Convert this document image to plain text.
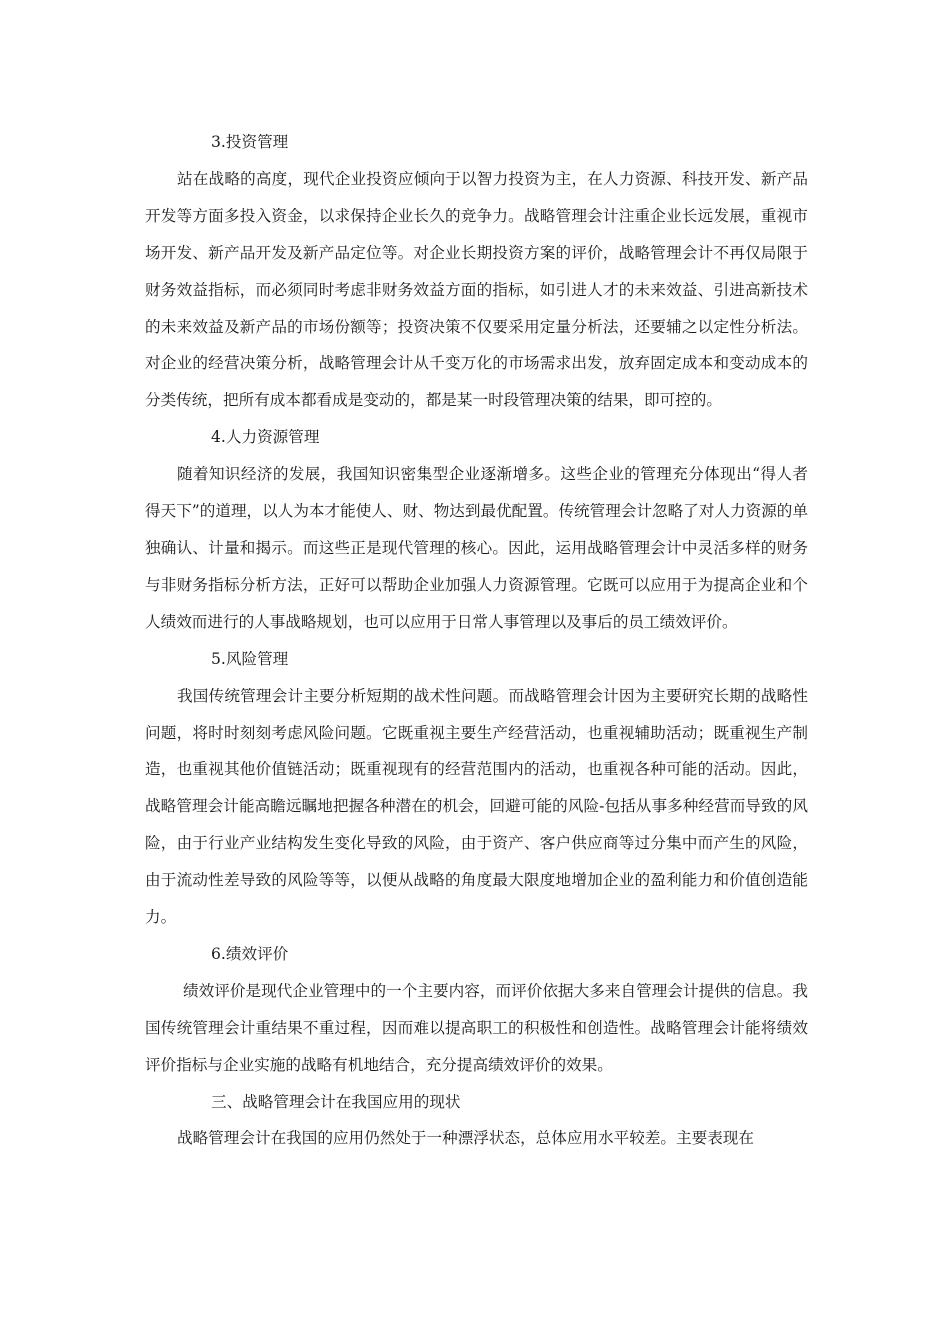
3.投资管理

站在战略的高度，现代企业投资应倾向于以智力投资为主，在人力资源、科技开发、新产品开发等方面多投入资金，以求保持企业长久的竞争力。战略管理会计注重企业长远发展，重视市场开发、新产品开发及新产品定位等。对企业长期投资方案的评价，战略管理会计不再仅局限于财务效益指标，而必须同时考虑非财务效益方面的指标，如引进人才的未来效益、引进高新技术的未来效益及新产品的市场份额等；投资决策不仅要采用定量分析法，还要辅之以定性分析法。对企业的经营决策分析，战略管理会计从千变万化的市场需求出发，放弃固定成本和变动成本的分类传统，把所有成本都看成是变动的，都是某一时段管理决策的结果，即可控的。

4.人力资源管理

随着知识经济的发展，我国知识密集型企业逐渐增多。这些企业的管理充分体现出“得人者得天下”的道理，以人为本才能使人、财、物达到最优配置。传统管理会计忽略了对人力资源的单独确认、计量和揭示。而这些正是现代管理的核心。因此，运用战略管理会计中灵活多样的财务与非财务指标分析方法，正好可以帮助企业加强人力资源管理。它既可以应用于为提高企业和个人绩效而进行的人事战略规划，也可以应用于日常人事管理以及事后的员工绩效评价。

5.风险管理

我国传统管理会计主要分析短期的战术性问题。而战略管理会计因为主要研究长期的战略性问题，将时时刻刻考虑风险问题。它既重视主要生产经营活动，也重视辅助活动；既重视生产制造，也重视其他价值链活动；既重视现有的经营范围内的活动，也重视各种可能的活动。因此，战略管理会计能高瞻远瞩地把握各种潜在的机会，回避可能的风险-包括从事多种经营而导致的风险，由于行业产业结构发生变化导致的风险，由于资产、客户供应商等过分集中而产生的风险，由于流动性差导致的风险等等，以便从战略的角度最大限度地增加企业的盈利能力和价值创造能力。

6.绩效评价

绩效评价是现代企业管理中的一个主要内容，而评价依据大多来自管理会计提供的信息。我国传统管理会计重结果不重过程，因而难以提高职工的积极性和创造性。战略管理会计能将绩效评价指标与企业实施的战略有机地结合，充分提高绩效评价的效果。

三、战略管理会计在我国应用的现状

战略管理会计在我国的应用仍然处于一种漂浮状态，总体应用水平较差。主要表现在
